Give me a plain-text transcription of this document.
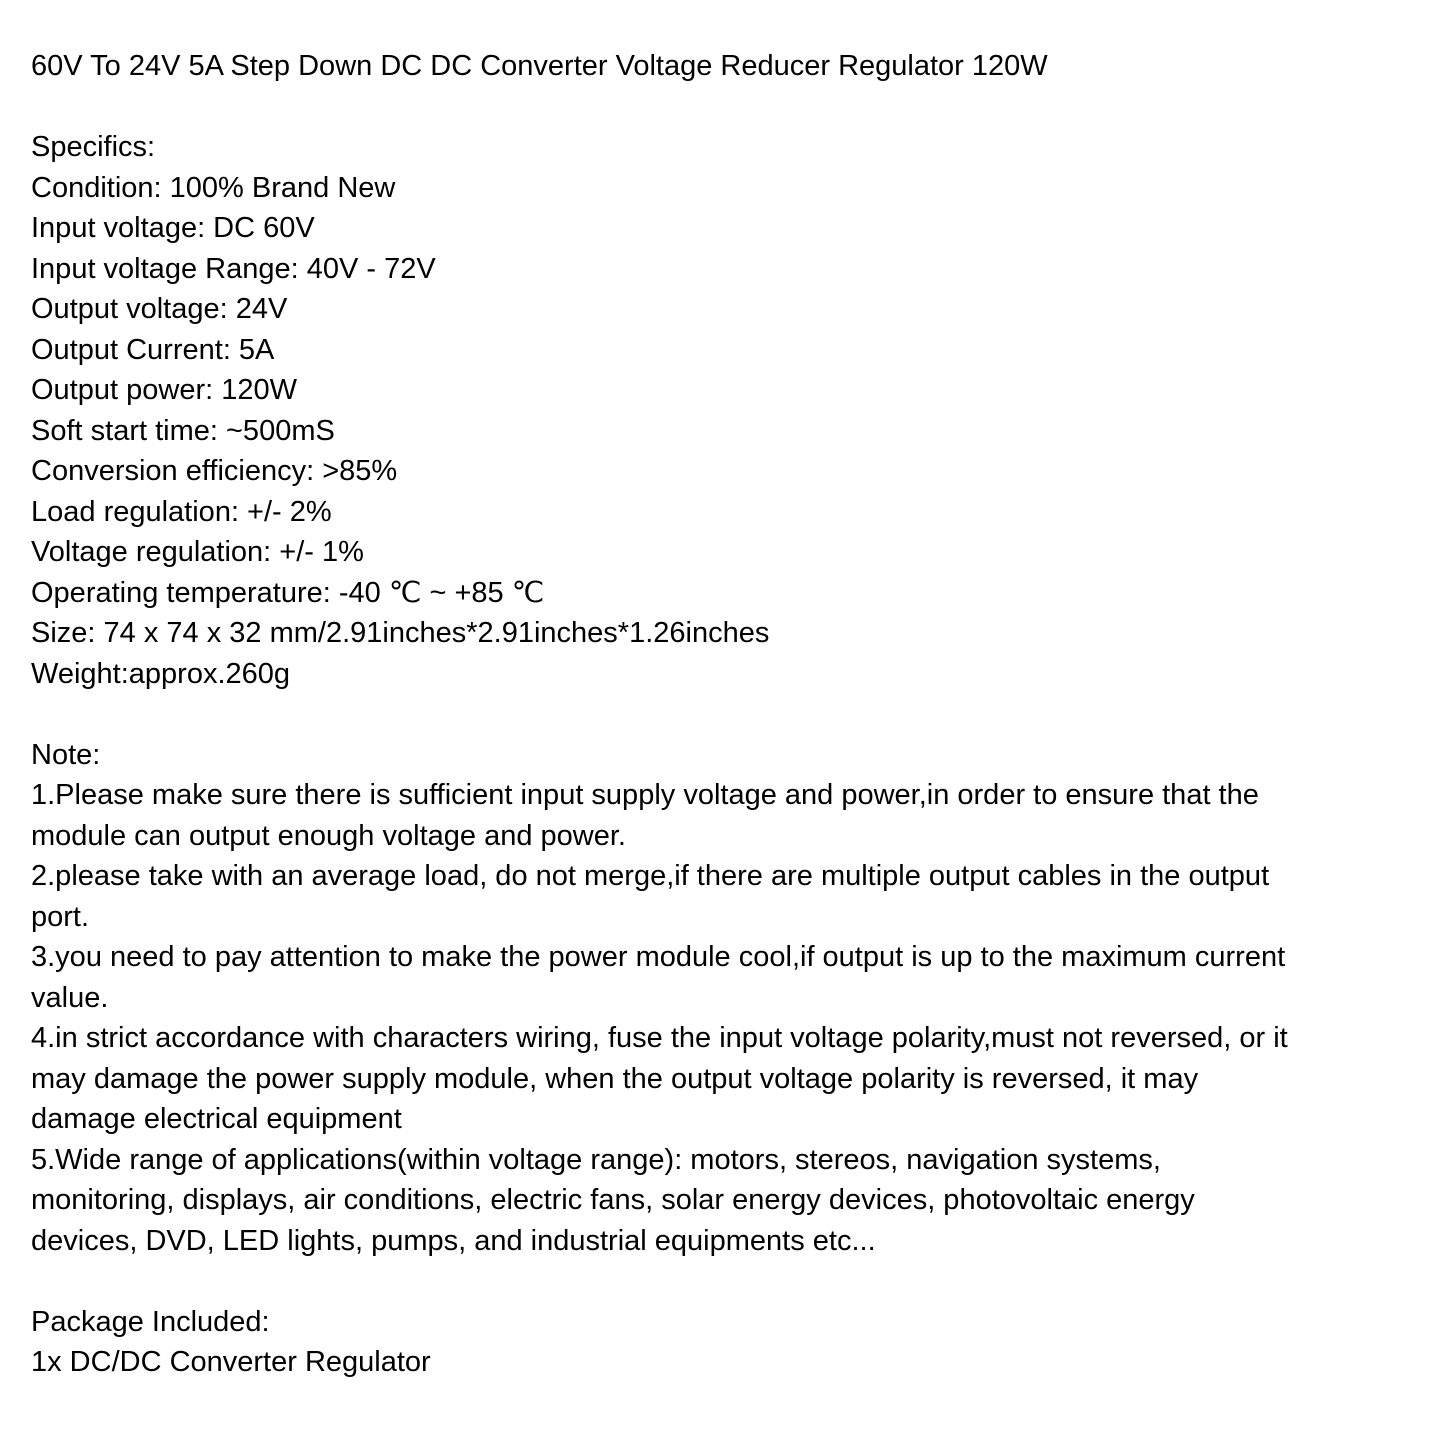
60V To 24V 5A Step Down DC DC Converter Voltage Reducer Regulator 120W
Specifics:
Condition: 100% Brand New
Input voltage: DC 60V
Input voltage Range: 40V - 72V
Output voltage: 24V
Output Current: 5A
Output power: 120W
Soft start time: ~500mS
Conversion efficiency: >85%
Load regulation: +/- 2%
Voltage regulation: +/- 1%
Operating temperature: -40 ℃ ~ +85 ℃
Size: 74 x 74 x 32 mm/2.91inches*2.91inches*1.26inches
Weight:approx.260g
Note:
1.Please make sure there is sufficient input supply voltage and power,in order to ensure that the
module can output enough voltage and power.
2.please take with an average load, do not merge,if there are multiple output cables in the output
port.
3.you need to pay attention to make the power module cool,if output is up to the maximum current
value.
4.in strict accordance with characters wiring, fuse the input voltage polarity,must not reversed, or it
may damage the power supply module, when the output voltage polarity is reversed, it may
damage electrical equipment
5.Wide range of applications(within voltage range): motors, stereos, navigation systems,
monitoring, displays, air conditions, electric fans, solar energy devices, photovoltaic energy
devices, DVD, LED lights, pumps, and industrial equipments etc...
Package Included:
1x DC/DC Converter Regulator
